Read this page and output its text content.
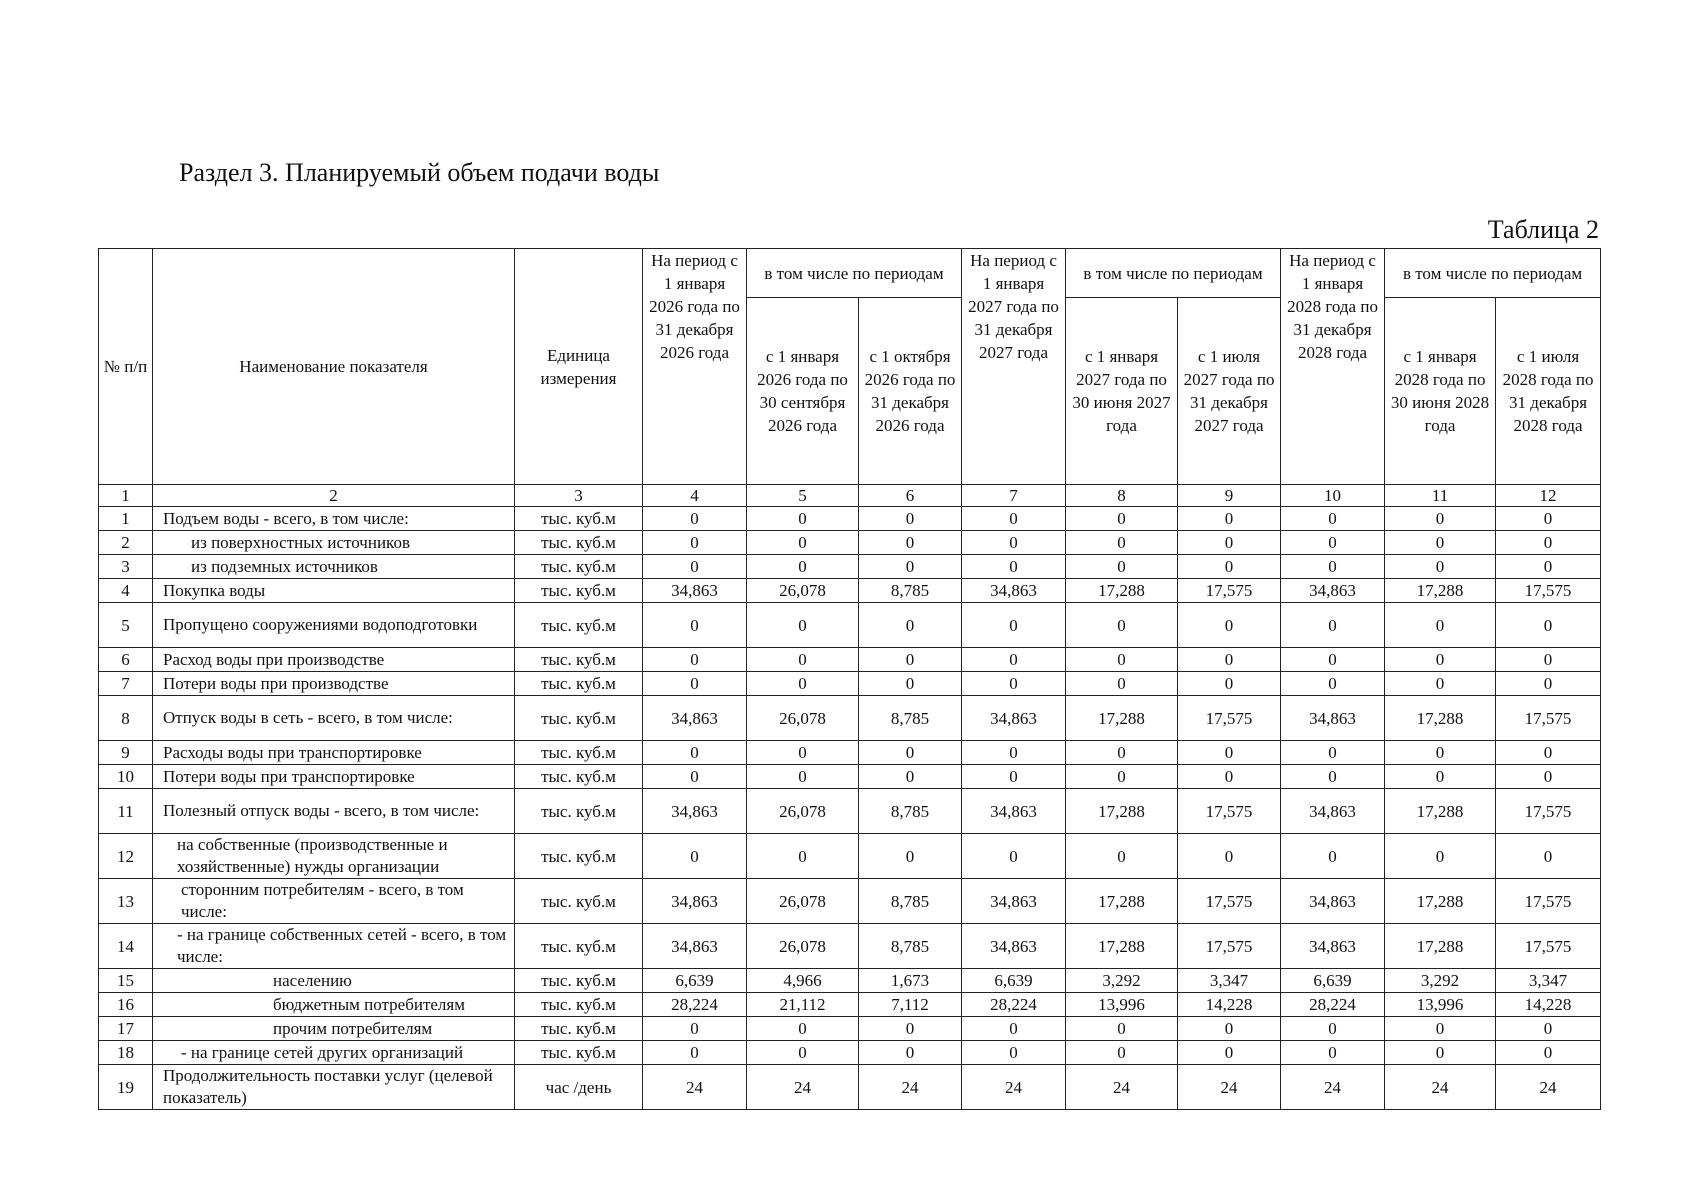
Раздел 3. Планируемый объем подачи воды
Таблица 2
№ п/п	Наименование показателя	Единица измерения	На период с 1 января 2026 года по 31 декабря 2026 года	в том числе по периодам		На период с 1 января 2027 года по 31 декабря 2027 года	в том числе по периодам		На период с 1 января 2028 года по 31 декабря 2028 года	в том числе по периодам	
				с 1 января 2026 года по 30 сентября 2026 года	с 1 октября 2026 года по 31 декабря 2026 года		с 1 января 2027 года по 30 июня 2027 года	с 1 июля 2027 года по 31 декабря 2027 года		с 1 января 2028 года по 30 июня 2028 года	с 1 июля 2028 года по 31 декабря 2028 года
1	2	3	4	5	6	7	8	9	10	11	12
1	Подъем воды - всего, в том числе:	тыс. куб.м	0	0	0	0	0	0	0	0	0
2	из поверхностных источников	тыс. куб.м	0	0	0	0	0	0	0	0	0
3	из подземных источников	тыс. куб.м	0	0	0	0	0	0	0	0	0
4	Покупка воды	тыс. куб.м	34,863	26,078	8,785	34,863	17,288	17,575	34,863	17,288	17,575
5	Пропущено сооружениями водоподготовки	тыс. куб.м	0	0	0	0	0	0	0	0	0
6	Расход воды при производстве	тыс. куб.м	0	0	0	0	0	0	0	0	0
7	Потери воды при производстве	тыс. куб.м	0	0	0	0	0	0	0	0	0
8	Отпуск воды в сеть - всего, в том числе:	тыс. куб.м	34,863	26,078	8,785	34,863	17,288	17,575	34,863	17,288	17,575
9	Расходы воды при транспортировке	тыс. куб.м	0	0	0	0	0	0	0	0	0
10	Потери воды при транспортировке	тыс. куб.м	0	0	0	0	0	0	0	0	0
11	Полезный отпуск воды - всего, в том числе:	тыс. куб.м	34,863	26,078	8,785	34,863	17,288	17,575	34,863	17,288	17,575
12	на собственные (производственные и хозяйственные) нужды организации	тыс. куб.м	0	0	0	0	0	0	0	0	0
13	сторонним потребителям - всего, в том числе:	тыс. куб.м	34,863	26,078	8,785	34,863	17,288	17,575	34,863	17,288	17,575
14	- на границе собственных сетей - всего, в том числе:	тыс. куб.м	34,863	26,078	8,785	34,863	17,288	17,575	34,863	17,288	17,575
15	населению	тыс. куб.м	6,639	4,966	1,673	6,639	3,292	3,347	6,639	3,292	3,347
16	бюджетным потребителям	тыс. куб.м	28,224	21,112	7,112	28,224	13,996	14,228	28,224	13,996	14,228
17	прочим потребителям	тыс. куб.м	0	0	0	0	0	0	0	0	0
18	- на границе сетей других организаций	тыс. куб.м	0	0	0	0	0	0	0	0	0
19	Продолжительность поставки услуг (целевой показатель)	час /день	24	24	24	24	24	24	24	24	24
